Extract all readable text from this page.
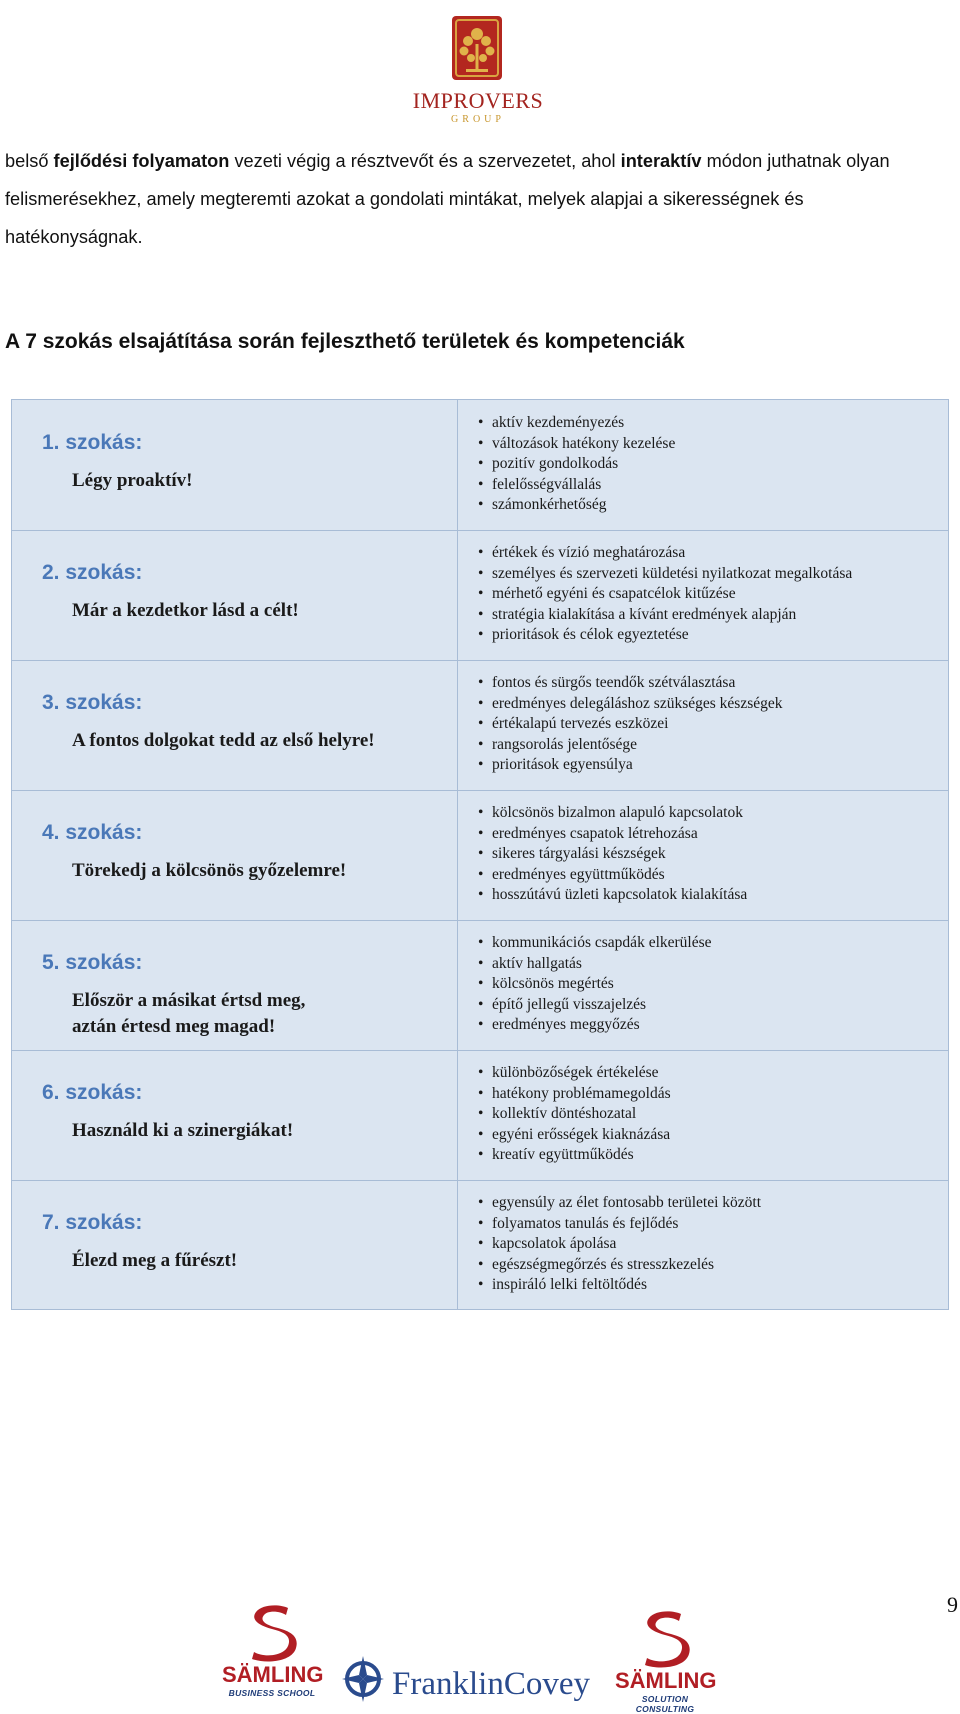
IMPROVERS
GROUP

belső fejlődési folyamaton vezeti végig a résztvevőt és a szervezetet, ahol interaktív módon juthatnak olyan felismerésekhez, amely megteremti azokat a gondolati mintákat, melyek alapjai a sikerességnek és hatékonyságnak.

A 7 szokás elsajátítása során fejleszthető területek és kompetenciák
1. szokás:
Légy proaktív!
• aktív kezdeményezés
• változások hatékony kezelése
• pozitív gondolkodás
• felelősségvállalás
• számonkérhetőség
2. szokás:
Már a kezdetkor lásd a célt!
• értékek és vízió meghatározása
• személyes és szervezeti küldetési nyilatkozat megalkotása
• mérhető egyéni és csapatcélok kitűzése
• stratégia kialakítása a kívánt eredmények alapján
• prioritások és célok egyeztetése
3. szokás:
A fontos dolgokat tedd az első helyre!
• fontos és sürgős teendők szétválasztása
• eredményes delegáláshoz szükséges készségek
• értékalapú tervezés eszközei
• rangsorolás jelentősége
• prioritások egyensúlya
4. szokás:
Törekedj a kölcsönös győzelemre!
• kölcsönös bizalmon alapuló kapcsolatok
• eredményes csapatok létrehozása
• sikeres tárgyalási készségek
• eredményes együttműködés
• hosszútávú üzleti kapcsolatok kialakítása
5. szokás:
Először a másikat értsd meg,
aztán értesd meg magad!
• kommunikációs csapdák elkerülése
• aktív hallgatás
• kölcsönös megértés
• építő jellegű visszajelzés
• eredményes meggyőzés
6. szokás:
Használd ki a szinergiákat!
• különbözőségek értékelése
• hatékony problémamegoldás
• kollektív döntéshozatal
• egyéni erősségek kiaknázása
• kreatív együttműködés
7. szokás:
Élezd meg a fűrészt!
• egyensúly az élet fontosabb területei között
• folyamatos tanulás és fejlődés
• kapcsolatok ápolása
• egészségmegőrzés és stresszkezelés
• inspiráló lelki feltöltődés
9
SÄMLING
BUSINESS SCHOOL FranklinCovey SÄMLING
SOLUTION CONSULTING
